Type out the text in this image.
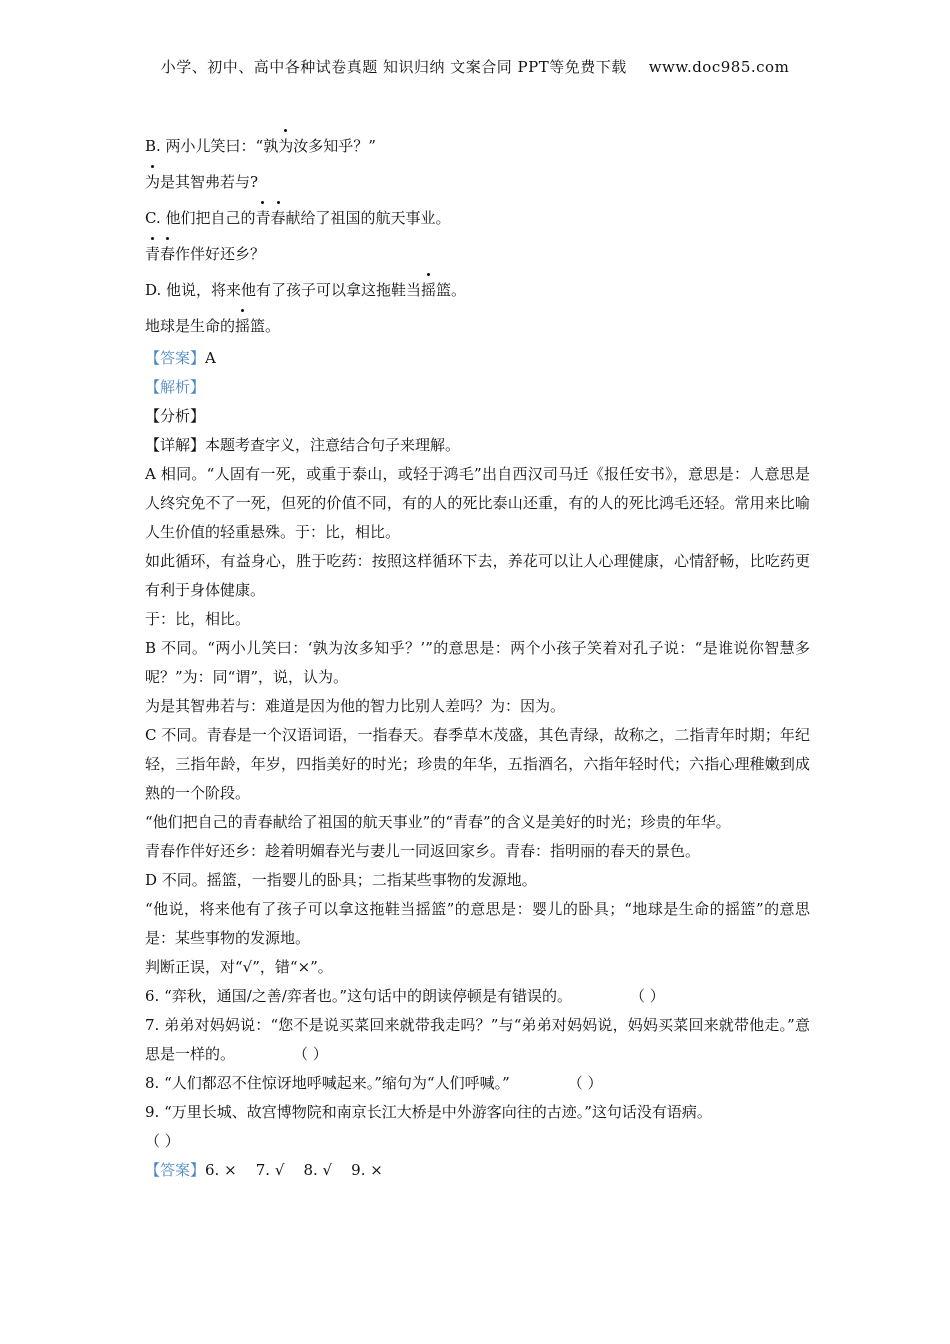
小学、初中、高中各种试卷真题 知识归纳 文案合同 PPT等免费下载 www.doc985.com

B. 两小儿笑曰：“孰为汝多知乎？”

为是其智弗若与?

C. 他们把自己的青春献给了祖国的航天事业。

青春作伴好还乡？

D. 他说，将来他有了孩子可以拿这拖鞋当摇篮。

地球是生命的摇篮。

【答案】A

【解析】

【分析】

【详解】本题考查字义，注意结合句子来理解。

A 相同。“人固有一死，或重于泰山，或轻于鸿毛”出自西汉司马迁《报任安书》，意思是：人意思是人终究免不了一死，但死的价值不同，有的人的死比泰山还重，有的人的死比鸿毛还轻。常用来比喻人生价值的轻重悬殊。于：比，相比。

如此循环，有益身心，胜于吃药：按照这样循环下去，养花可以让人心理健康，心情舒畅，比吃药更有利于身体健康。

于：比，相比。

B 不同。“两小儿笑曰：‘孰为汝多知乎？’”的意思是：两个小孩子笑着对孔子说：“是谁说你智慧多呢？”为：同“谓”，说，认为。

为是其智弗若与：难道是因为他的智力比别人差吗？为：因为。

C 不同。青春是一个汉语词语，一指春天。春季草木茂盛，其色青绿，故称之，二指青年时期；年纪轻，三指年龄，年岁，四指美好的时光；珍贵的年华，五指酒名，六指年轻时代；六指心理稚嫩到成熟的一个阶段。

“他们把自己的青春献给了祖国的航天事业”的“青春”的含义是美好的时光；珍贵的年华。

青春作伴好还乡：趁着明媚春光与妻儿一同返回家乡。青春：指明丽的春天的景色。

D 不同。摇篮，一指婴儿的卧具；二指某些事物的发源地。

“他说，将来他有了孩子可以拿这拖鞋当摇篮”的意思是：婴儿的卧具；“地球是生命的摇篮”的意思是：某些事物的发源地。

判断正误，对“√”，错“×”。

6. “弈秋，通国/之善/弈者也。”这句话中的朗读停顿是有错误的。	（ ）

7. 弟弟对妈妈说：“您不是说买菜回来就带我走吗？”与“弟弟对妈妈说，妈妈买菜回来就带他走。”意思是一样的。	（ ）

8. “人们都忍不住惊讶地呼喊起来。”缩句为“人们呼喊。”	（ ）

9. “万里长城、故宫博物院和南京长江大桥是中外游客向往的古迹。”这句话没有语病。
（ ）

【答案】6. ×    7. √    8. √    9. ×
